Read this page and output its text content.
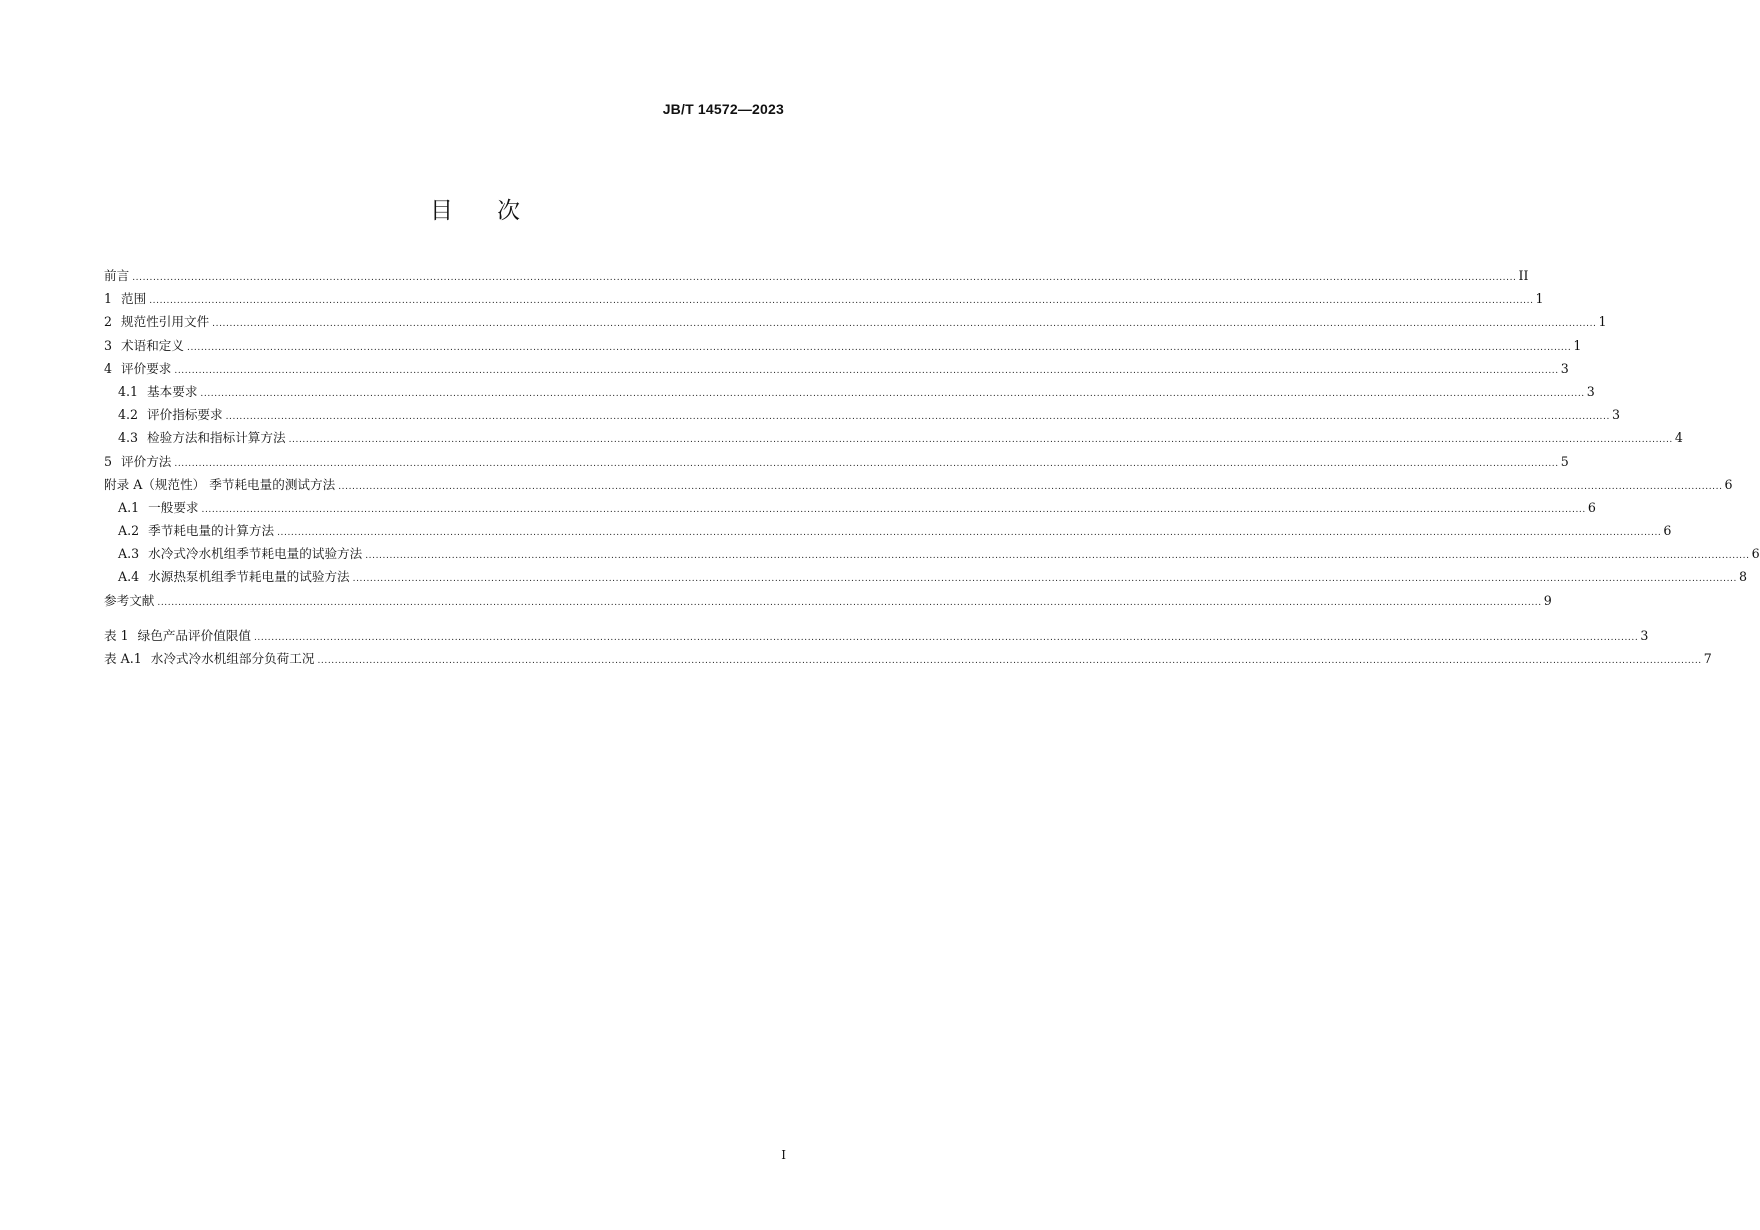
JB/T 14572—2023
目次
前言 ................................................................................................................................................................................................................................................................................................................................................................................................................ II
1 范围 ................................................................................................................................................................................................................................................................................................................................................................................................................ 1
2 规范性引用文件 ................................................................................................................................................................................................................................................................................................................................................................................................................ 1
3 术语和定义 ................................................................................................................................................................................................................................................................................................................................................................................................................ 1
4 评价要求 ................................................................................................................................................................................................................................................................................................................................................................................................................ 3
4.1 基本要求 ................................................................................................................................................................................................................................................................................................................................................................................................................ 3
4.2 评价指标要求 ................................................................................................................................................................................................................................................................................................................................................................................................................ 3
4.3 检验方法和指标计算方法 ................................................................................................................................................................................................................................................................................................................................................................................................................ 4
5 评价方法 ................................................................................................................................................................................................................................................................................................................................................................................................................ 5
附录 A（规范性） 季节耗电量的测试方法 ................................................................................................................................................................................................................................................................................................................................................................................................................ 6
A.1 一般要求 ................................................................................................................................................................................................................................................................................................................................................................................................................ 6
A.2 季节耗电量的计算方法 ................................................................................................................................................................................................................................................................................................................................................................................................................ 6
A.3 水冷式冷水机组季节耗电量的试验方法 ................................................................................................................................................................................................................................................................................................................................................................................................................ 6
A.4 水源热泵机组季节耗电量的试验方法 ................................................................................................................................................................................................................................................................................................................................................................................................................ 8
参考文献 ................................................................................................................................................................................................................................................................................................................................................................................................................ 9
表 1 绿色产品评价值限值 ................................................................................................................................................................................................................................................................................................................................................................................................................ 3
表 A.1 水冷式冷水机组部分负荷工况 ................................................................................................................................................................................................................................................................................................................................................................................................................ 7
I
